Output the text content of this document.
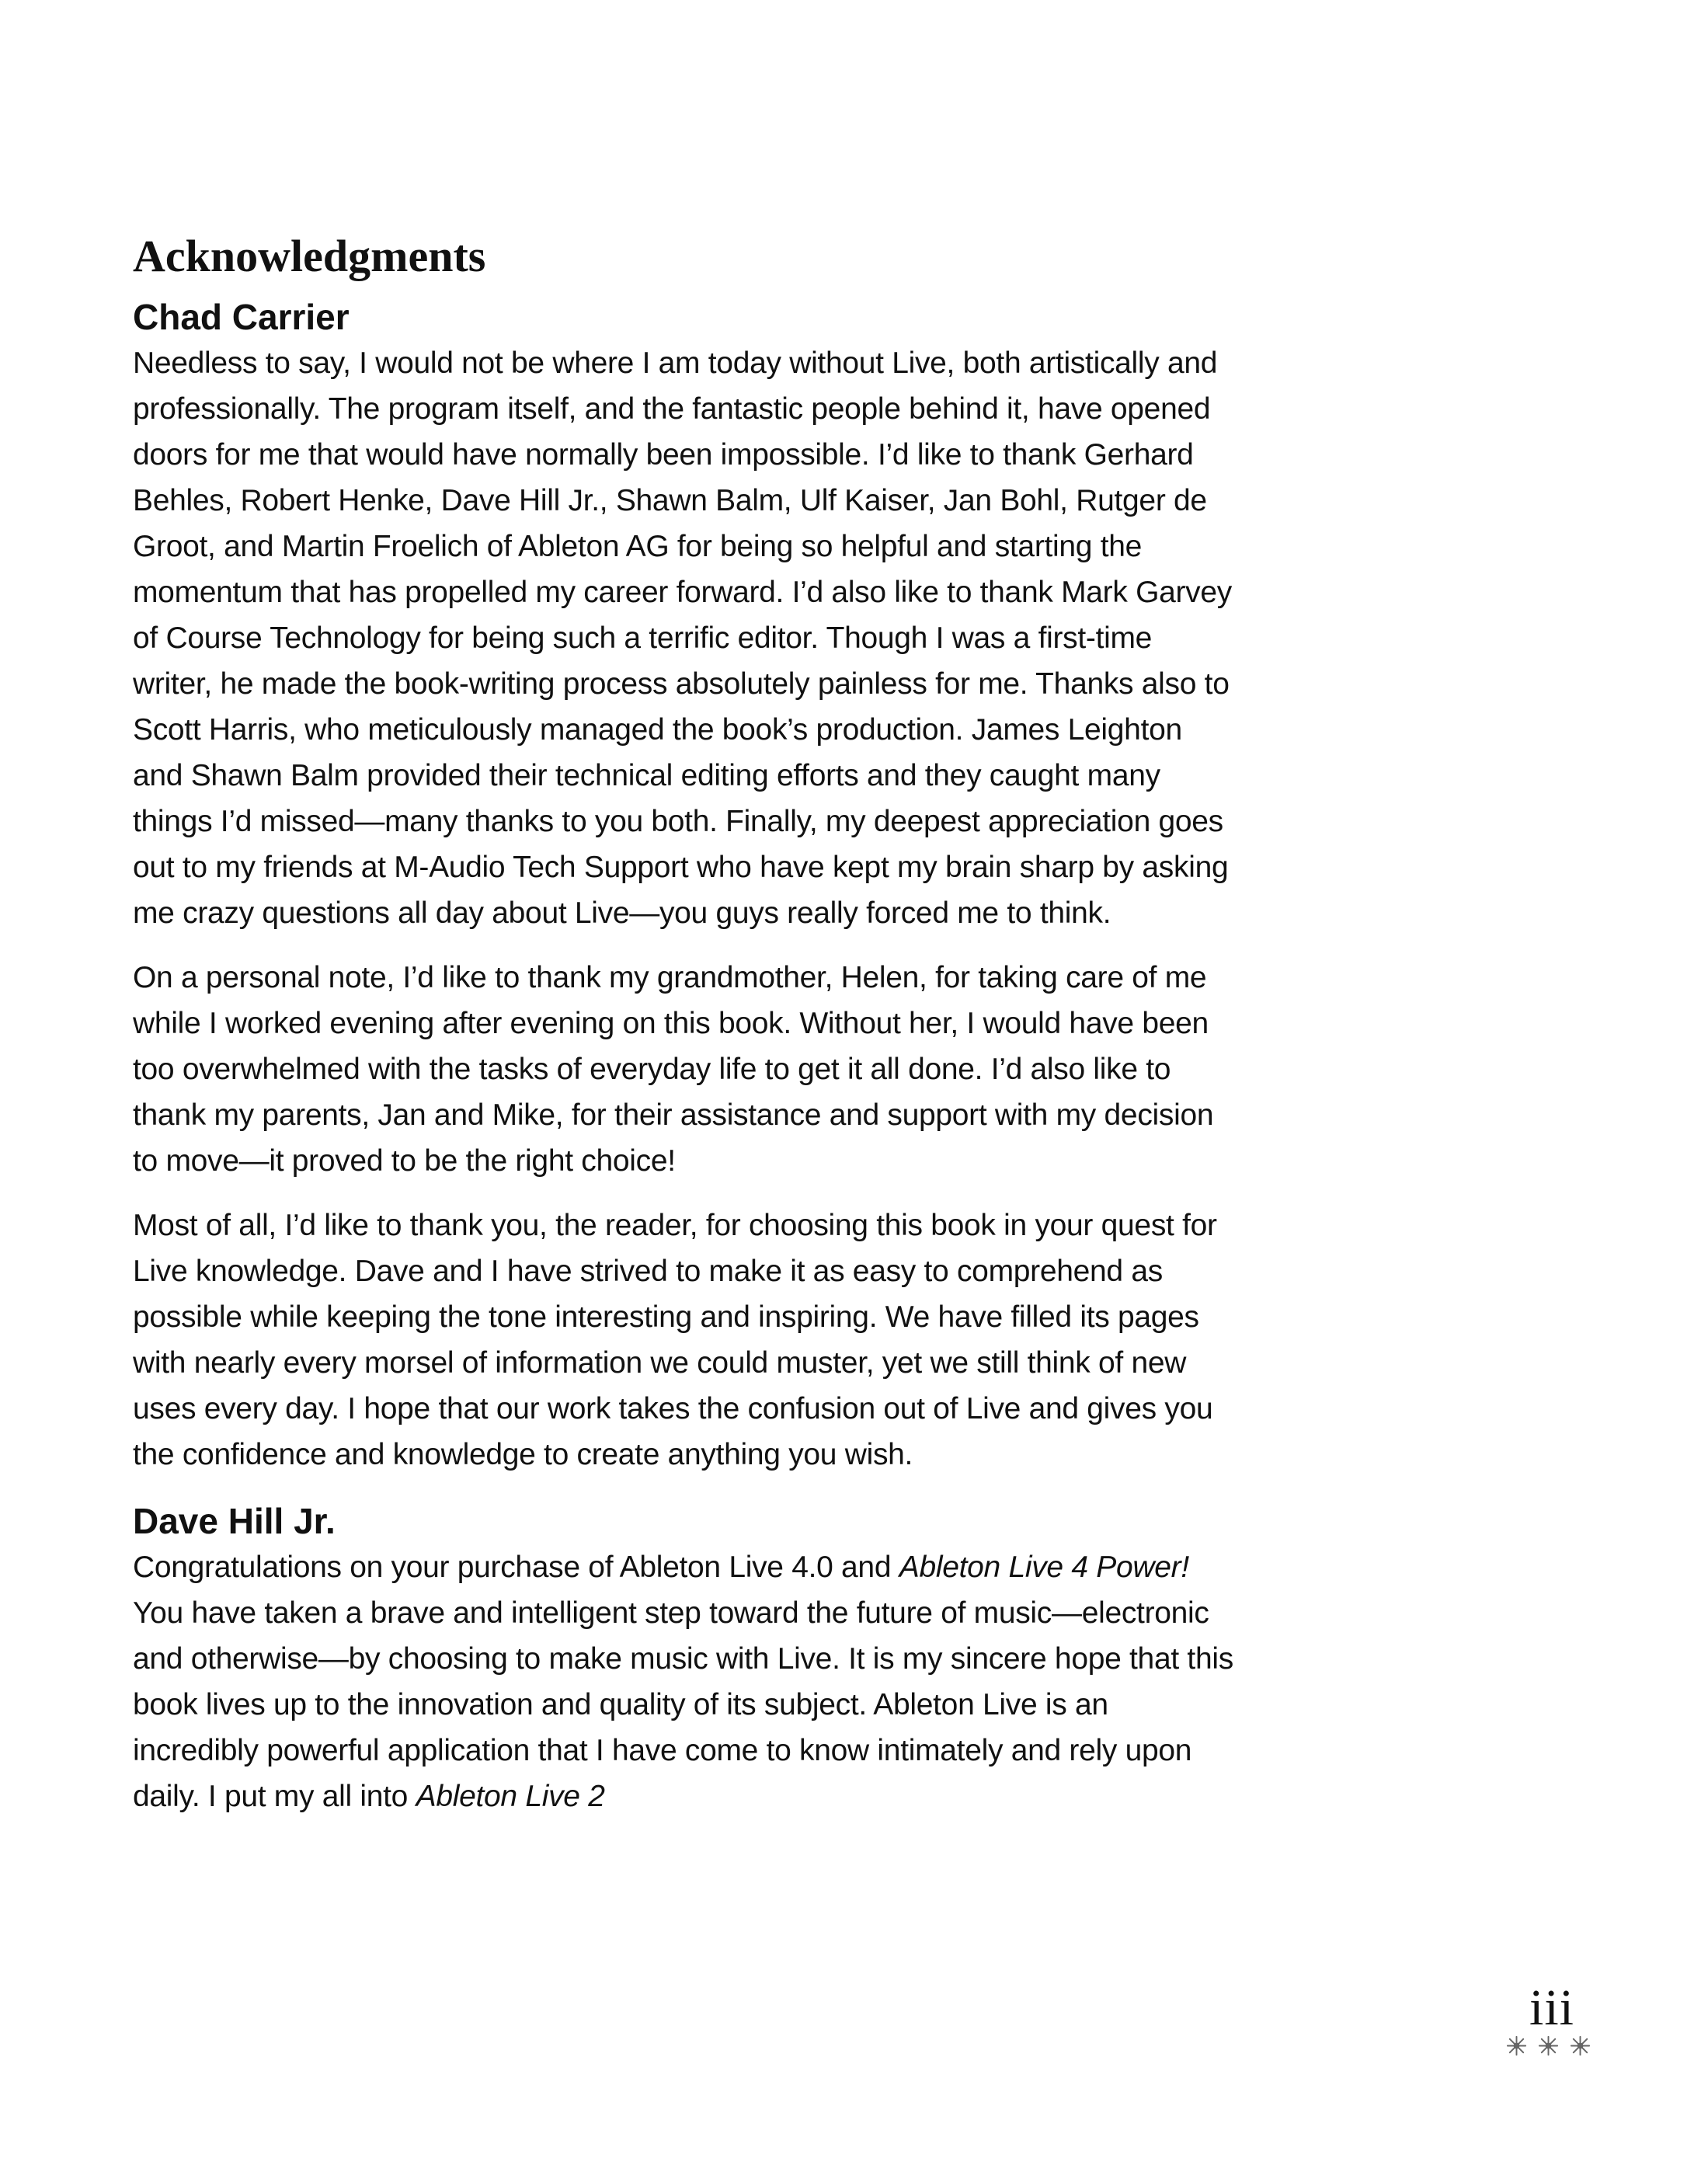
Acknowledgments
Chad Carrier

Needless to say, I would not be where I am today without Live, both artistically and professionally. The program itself, and the fantastic people behind it, have opened doors for me that would have normally been impossible. I’d like to thank Gerhard Behles, Robert Henke, Dave Hill Jr., Shawn Balm, Ulf Kaiser, Jan Bohl, Rutger de Groot, and Martin Froelich of Ableton AG for being so helpful and starting the momentum that has propelled my career forward. I’d also like to thank Mark Garvey of Course Technology for being such a terrific editor. Though I was a first-time writer, he made the book-writing process absolutely painless for me. Thanks also to Scott Harris, who meticulously managed the book’s production. James Leighton and Shawn Balm provided their technical editing efforts and they caught many things I’d missed—many thanks to you both. Finally, my deepest appreciation goes out to my friends at M-Audio Tech Support who have kept my brain sharp by asking me crazy questions all day about Live—you guys really forced me to think.

On a personal note, I’d like to thank my grandmother, Helen, for taking care of me while I worked evening after evening on this book. Without her, I would have been too overwhelmed with the tasks of everyday life to get it all done. I’d also like to thank my parents, Jan and Mike, for their assistance and support with my decision to move—it proved to be the right choice!

Most of all, I’d like to thank you, the reader, for choosing this book in your quest for Live knowledge. Dave and I have strived to make it as easy to comprehend as possible while keeping the tone interesting and inspiring. We have filled its pages with nearly every morsel of information we could muster, yet we still think of new uses every day. I hope that our work takes the confusion out of Live and gives you the confidence and knowledge to create anything you wish.

Dave Hill Jr.

Congratulations on your purchase of Ableton Live 4.0 and Ableton Live 4 Power! You have taken a brave and intelligent step toward the future of music—electronic and otherwise—by choosing to make music with Live. It is my sincere hope that this book lives up to the innovation and quality of its subject. Ableton Live is an incredibly powerful application that I have come to know intimately and rely upon daily. I put my all into Ableton Live 2

iii
